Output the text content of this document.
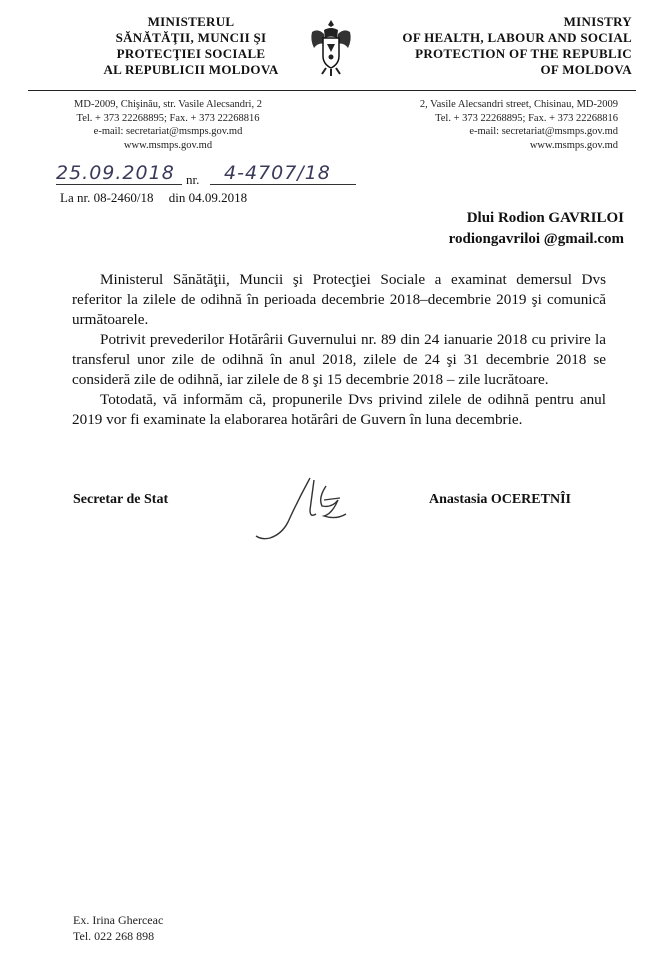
MINISTERUL
SĂNĂTĂŢII, MUNCII ŞI
PROTECŢIEI SOCIALE
AL REPUBLICII MOLDOVA
MINISTRY
OF HEALTH, LABOUR AND SOCIAL
PROTECTION OF THE REPUBLIC
OF MOLDOVA
MD-2009, Chişinău, str. Vasile Alecsandri, 2
Tel. + 373 22268895; Fax. + 373 22268816
e-mail: secretariat@msmps.gov.md
www.msmps.gov.md
2, Vasile Alecsandri street, Chisinau, MD-2009
Tel. + 373 22268895; Fax. + 373 22268816
e-mail: secretariat@msmps.gov.md
www.msmps.gov.md
25.09.2018 nr.	4-4707/18
La nr. 08-2460/18 din 04.09.2018
Dlui Rodion GAVRILOI
rodiongavriloi @gmail.com

Ministerul Sănătăţii, Muncii şi Protecţiei Sociale a examinat demersul Dvs referitor la zilele de odihnă în perioada decembrie 2018–decembrie 2019 şi comunică următoarele.

Potrivit prevederilor Hotărârii Guvernului nr. 89 din 24 ianuarie 2018 cu privire la transferul unor zile de odihnă în anul 2018, zilele de 24 şi 31 decembrie 2018 se consideră zile de odihnă, iar zilele de 8 şi 15 decembrie 2018 – zile lucrătoare.

Totodată, vă informăm că, propunerile Dvs privind zilele de odihnă pentru anul 2019 vor fi examinate la elaborarea hotărâri de Guvern în luna decembrie.

Secretar de Stat	Anastasia OCERETNÎI
Ex. Irina Gherceac
Tel. 022 268 898
